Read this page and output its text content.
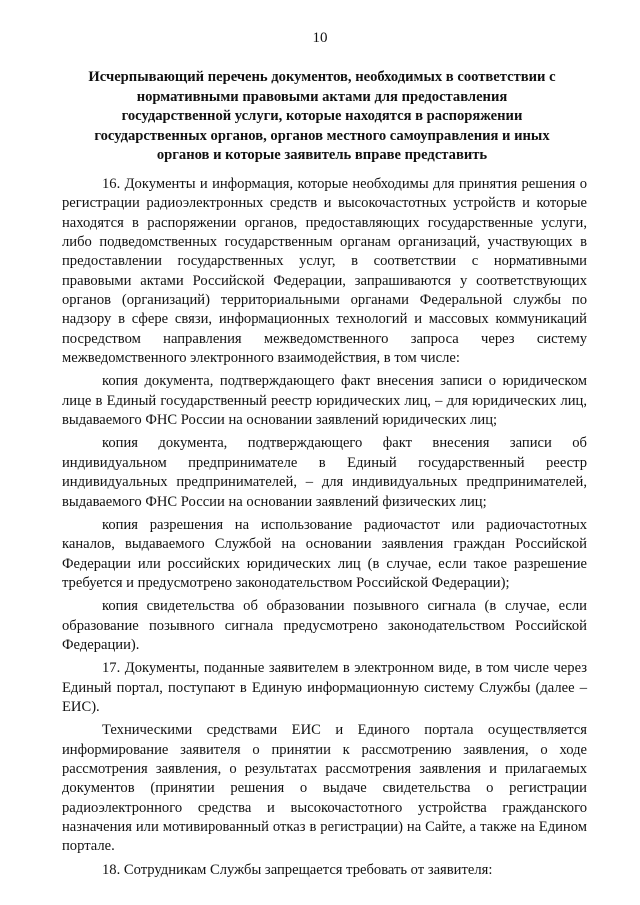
10
Исчерпывающий перечень документов, необходимых в соответствии с нормативными правовыми актами для предоставления государственной услуги, которые находятся в распоряжении государственных органов, органов местного самоуправления и иных органов и которые заявитель вправе представить

16. Документы и информация, которые необходимы для принятия решения о регистрации радиоэлектронных средств и высокочастотных устройств и которые находятся в распоряжении органов, предоставляющих государственные услуги, либо подведомственных государственным органам организаций, участвующих в предоставлении государственных услуг, в соответствии с нормативными правовыми актами Российской Федерации, запрашиваются у соответствующих органов (организаций) территориальными органами Федеральной службы по надзору в сфере связи, информационных технологий и массовых коммуникаций посредством направления межведомственного запроса через систему межведомственного электронного взаимодействия, в том числе:

копия документа, подтверждающего факт внесения записи о юридическом лице в Единый государственный реестр юридических лиц, – для юридических лиц, выдаваемого ФНС России на основании заявлений юридических лиц;

копия документа, подтверждающего факт внесения записи об индивидуальном предпринимателе в Единый государственный реестр индивидуальных предпринимателей, – для индивидуальных предпринимателей, выдаваемого ФНС России на основании заявлений физических лиц;

копия разрешения на использование радиочастот или радиочастотных каналов, выдаваемого Службой на основании заявления граждан Российской Федерации или российских юридических лиц (в случае, если такое разрешение требуется и предусмотрено законодательством Российской Федерации);

копия свидетельства об образовании позывного сигнала (в случае, если образование позывного сигнала предусмотрено законодательством Российской Федерации).

17. Документы, поданные заявителем в электронном виде, в том числе через Единый портал, поступают в Единую информационную систему Службы (далее – ЕИС).

Техническими средствами ЕИС и Единого портала осуществляется информирование заявителя о принятии к рассмотрению заявления, о ходе рассмотрения заявления, о результатах рассмотрения заявления и прилагаемых документов (принятии решения о выдаче свидетельства о регистрации радиоэлектронного средства и высокочастотного устройства гражданского назначения или мотивированный отказ в регистрации) на Сайте, а также на Едином портале.

18. Сотрудникам Службы запрещается требовать от заявителя:
